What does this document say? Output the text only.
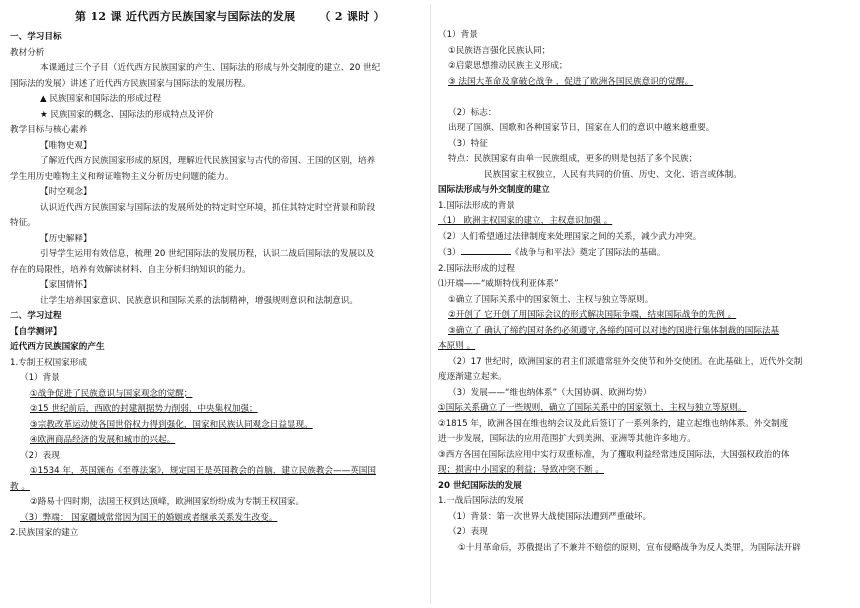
第 12 课 近代西方民族国家与国际法的发展 （ 2 课时 ）
一、学习目标
教材分析
本课通过三个子目（近代西方民族国家的产生、国际法的形成与外交制度的建立、20 世纪
国际法的发展）讲述了近代西方民族国家与国际法的发展历程。
▲ 民族国家和国际法的形成过程
★ 民族国家的概念、国际法的形成特点及评价
教学目标与核心素养
【唯物史观】
了解近代西方民族国家形成的原因，理解近代民族国家与古代的帝国、王国的区别，培养
学生用历史唯物主义和辩证唯物主义分析历史问题的能力。
【时空观念】
认识近代西方民族国家与国际法的发展所处的特定时空环境，抓住其特定时空背景和阶段
特征。
【历史解释】
引导学生运用有效信息，梳理 20 世纪国际法的发展历程，认识二战后国际法的发展以及
存在的局限性，培养有效解读材料、自主分析归纳知识的能力。
【家国情怀】
让学生培养国家意识、民族意识和国际关系的法制精神，增强规则意识和法制意识。
二、学习过程
【自学测评】
近代西方民族国家的产生
1.专制王权国家形成
（1）背景
①战争促进了民族意识与国家观念的觉醒；
②15 世纪前后，西欧的封建割据势力削弱，中央集权加强；
③宗教改革运动使各国世俗权力得到强化，国家和民族认同观念日益显现。
④欧洲商品经济的发展和城市的兴起。
（2）表现
①1534 年，英国颁布《至尊法案》，规定国王是英国教会的首脑，建立民族教会——英国国
教 。
②路易十四时期，法国王权到达顶峰，欧洲国家纷纷成为专制王权国家。
（3）弊端： 国家疆域常常因为国王的婚姻或者继承关系发生改变。
2.民族国家的建立
（1）背景
①民族语言强化民族认同；
②启蒙思想推动民族主义形成；
③ 法国大革命及拿破仑战争 ，促进了欧洲各国民族意识的觉醒。

（2）标志：
出现了国旗、国歌和各种国家节日，国家在人们的意识中越来越重要。
（3）特征
特点：民族国家有由单一民族组成，更多的则是包括了多个民族；
民族国家主权独立，人民有共同的价值、历史、文化、语言或体制。
国际法形成与外交制度的建立
1.国际法形成的背景
（1） 欧洲主权国家的建立，主权意识加强 。
（2）人们希望通过法律制度来处理国家之间的关系，减少武力冲突。
（3）	《战争与和平法》奠定了国际法的基础。
2.国际法形成的过程
⑴开端——“威斯特伐利亚体系”
①确立了国际关系中的国家领土、主权与独立等原则。
②开创了 它开创了用国际会议的形式解决国际争端，结束国际战争的先例 。
③确立了 确认了缔约国对条约必须遵守,各缔约国可以对违约国进行集体制裁的国际法基
本原则 。
（2）17 世纪时，欧洲国家的君主们派遣常驻外交使节和外交使团。在此基础上，近代外交制
度逐渐建立起来。
（3）发展——“维也纳体系”（大国协调、欧洲均势）
①国际关系确立了一些规则，确立了国际关系中的国家领土、主权与独立等原则。
②1815 年，欧洲各国在维也纳会议及此后签订了一系列条约，建立起维也纳体系。外交制度
进一步发展，国际法的应用范围扩大到美洲、亚洲等其他许多地方。
③西方各国在国际法应用中实行双重标准，为了攫取利益经常违反国际法，大国强权政治的体
现；损害中小国家的利益；导致冲突不断 。
20 世纪国际法的发展
1.一战后国际法的发展
（1）背景：第一次世界大战使国际法遭到严重破坏。
（2）表现
①十月革命后，苏俄提出了不兼并不赔偿的原则，宣布侵略战争为反人类罪，为国际法开辟
